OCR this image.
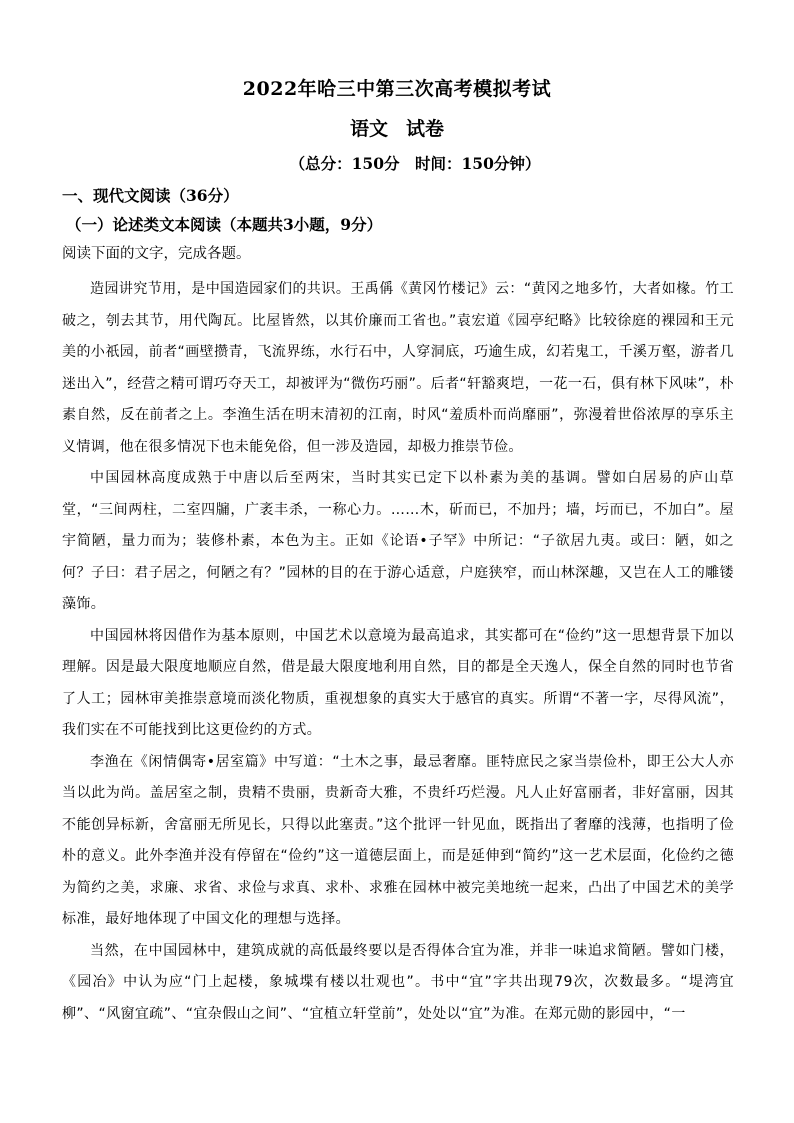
2022年哈三中第三次高考模拟考试
语文 试卷
（总分：150分　时间：150分钟）
一、现代文阅读（36分）
（一）论述类文本阅读（本题共3小题，9分）
阅读下面的文字，完成各题。

造园讲究节用，是中国造园家们的共识。王禹偁《黄冈竹楼记》云：“黄冈之地多竹，大者如椽。竹工破之，刳去其节，用代陶瓦。比屋皆然，以其价廉而工省也。”袁宏道《园亭纪略》比较徐庭的裸园和王元美的小祇园，前者“画壁攒青，飞流界练，水行石中，人穿洞底，巧逾生成，幻若鬼工，千溪万壑，游者几迷出入”，经营之精可谓巧夺天工，却被评为“微伤巧丽”。后者“轩豁爽垲，一花一石，俱有林下风味”，朴素自然，反在前者之上。李渔生活在明末清初的江南，时风“羞质朴而尚靡丽”，弥漫着世俗浓厚的享乐主义情调，他在很多情况下也未能免俗，但一涉及造园，却极力推崇节俭。

中国园林高度成熟于中唐以后至两宋，当时其实已定下以朴素为美的基调。譬如白居易的庐山草堂，“三间两柱，二室四牖，广袤丰杀，一称心力。……木，斫而已，不加丹；墙，圬而已，不加白”。屋宇简陋，量力而为；装修朴素，本色为主。正如《论语•子罕》中所记：“子欲居九夷。或曰：陋，如之何？子曰：君子居之，何陋之有？”园林的目的在于游心适意，户庭狭窄，而山林深趣，又岂在人工的雕镂藻饰。

中国园林将因借作为基本原则，中国艺术以意境为最高追求，其实都可在“俭约”这一思想背景下加以理解。因是最大限度地顺应自然，借是最大限度地利用自然，目的都是全天逸人，保全自然的同时也节省了人工；园林审美推崇意境而淡化物质，重视想象的真实大于感官的真实。所谓“不著一字，尽得风流”，我们实在不可能找到比这更俭约的方式。

李渔在《闲情偶寄•居室篇》中写道：“土木之事，最忌奢靡。匪特庶民之家当崇俭朴，即王公大人亦当以此为尚。盖居室之制，贵精不贵丽，贵新奇大雅，不贵纤巧烂漫。凡人止好富丽者，非好富丽，因其不能创异标新，舍富丽无所见长，只得以此塞责。”这个批评一针见血，既指出了奢靡的浅薄，也指明了俭朴的意义。此外李渔并没有停留在“俭约”这一道德层面上，而是延伸到“简约”这一艺术层面，化俭约之德为简约之美，求廉、求省、求俭与求真、求朴、求雅在园林中被完美地统一起来，凸出了中国艺术的美学标准，最好地体现了中国文化的理想与选择。

当然，在中国园林中，建筑成就的高低最终要以是否得体合宜为准，并非一味追求简陋。譬如门楼，《园冶》中认为应“门上起楼，象城堞有楼以壮观也”。书中“宜”字共出现79次，次数最多。“堤湾宜柳”、“风窗宜疏”、“宜杂假山之间”、“宜植立轩堂前”，处处以“宜”为准。在郑元勋的影园中，“一
